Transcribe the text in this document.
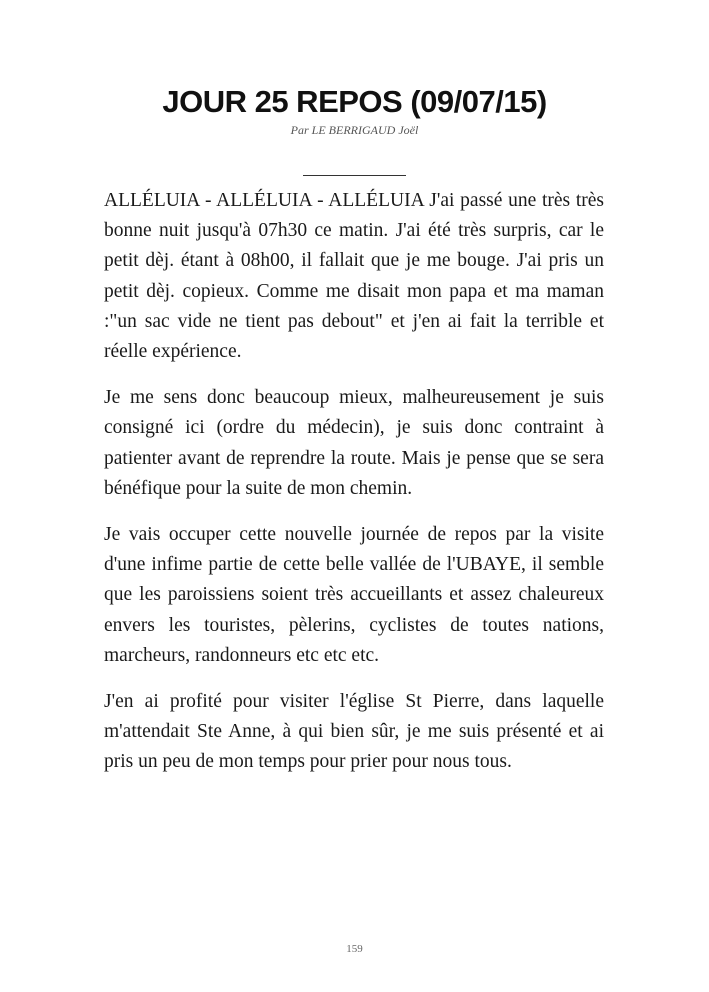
JOUR 25 REPOS (09/07/15)
Par LE BERRIGAUD Joël

ALLÉLUIA - ALLÉLUIA - ALLÉLUIA J'ai passé une très très bonne nuit jusqu'à 07h30 ce matin. J'ai été très surpris, car le petit dèj. étant à 08h00, il fallait que je me bouge. J'ai pris un petit dèj. copieux. Comme me disait mon papa et ma maman :"un sac vide ne tient pas debout" et j'en ai fait la terrible et réelle expérience.

Je me sens donc beaucoup mieux, malheureusement je suis consigné ici (ordre du médecin), je suis donc contraint à patienter avant de reprendre la route. Mais je pense que se sera bénéfique pour la suite de mon chemin.

Je vais occuper cette nouvelle journée de repos par la visite d'une infime partie de cette belle vallée de l'UBAYE, il semble que les paroissiens soient très accueillants et assez chaleureux envers les touristes, pèlerins, cyclistes de toutes nations, marcheurs, randonneurs etc etc etc.

J'en ai profité pour visiter l'église St Pierre, dans laquelle m'attendait Ste Anne, à qui bien sûr, je me suis présenté et ai pris un peu de mon temps pour prier pour nous tous.

159
